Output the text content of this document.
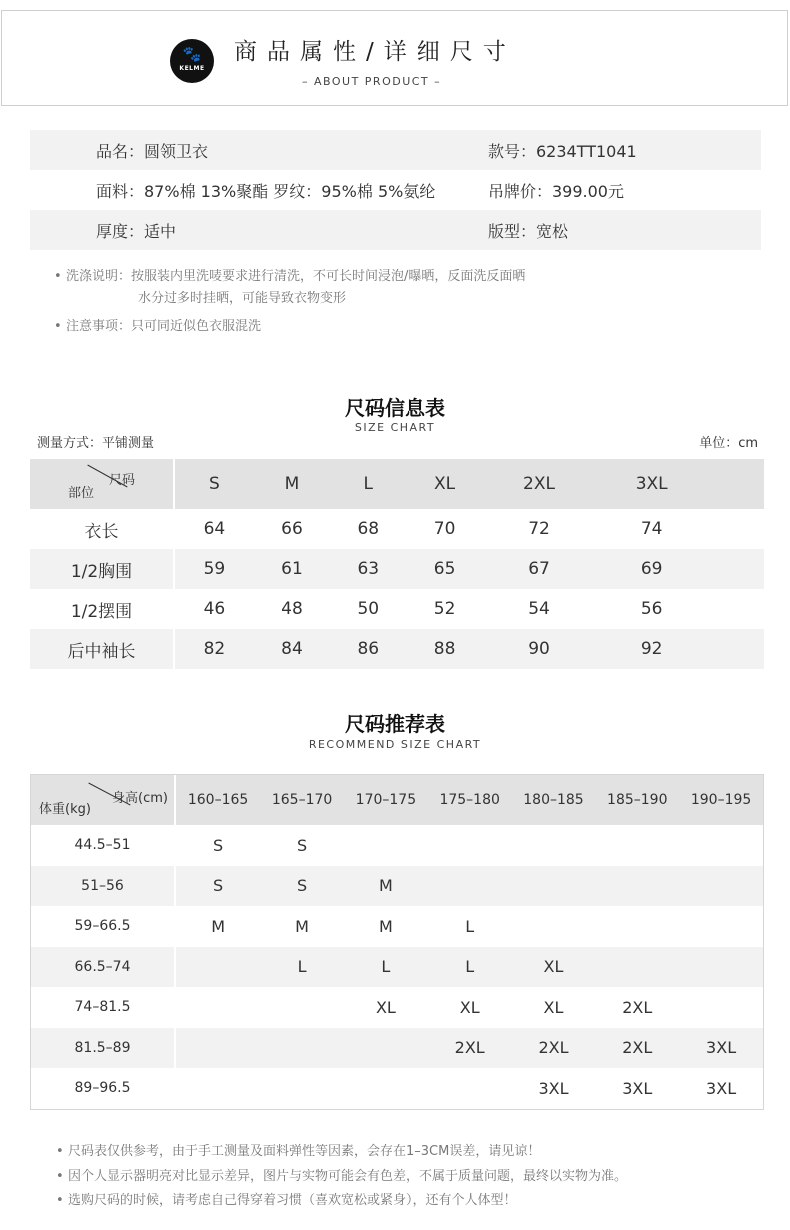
🐾
KELME
商品属性/详细尺寸
– ABOUT PRODUCT –
品名：圆领卫衣	款号：6234TT1041
面料：87%棉 13%聚酯 罗纹：95%棉 5%氨纶	吊牌价：399.00元
厚度：适中	版型：宽松
• 洗涤说明：按服装内里洗唛要求进行清洗，不可长时间浸泡/曝晒，反面洗反面晒
水分过多时挂晒，可能导致衣物变形
• 注意事项：只可同近似色衣服混洗
尺码信息表
SIZE CHART
测量方式：平铺测量	单位：cm
尺码
部位	S	M	L	XL	2XL	3XL	
衣长	64	66	68	70	72	74	
1/2胸围	59	61	63	65	67	69	
1/2摆围	46	48	50	52	54	56	
后中袖长	82	84	86	88	90	92	
尺码推荐表
RECOMMEND SIZE CHART
身高(cm)
体重(kg)	160–165	165–170	170–175	175–180	180–185	185–190	190–195
44.5–51	S	S					
51–56	S	S	M				
59–66.5	M	M	M	L			
66.5–74		L	L	L	XL		
74–81.5			XL	XL	XL	2XL	
81.5–89				2XL	2XL	2XL	3XL
89–96.5					3XL	3XL	3XL
• 尺码表仅供参考，由于手工测量及面料弹性等因素，会存在1–3CM误差，请见谅！
• 因个人显示器明亮对比显示差异，图片与实物可能会有色差，不属于质量问题，最终以实物为准。
• 选购尺码的时候，请考虑自己得穿着习惯（喜欢宽松或紧身），还有个人体型！
